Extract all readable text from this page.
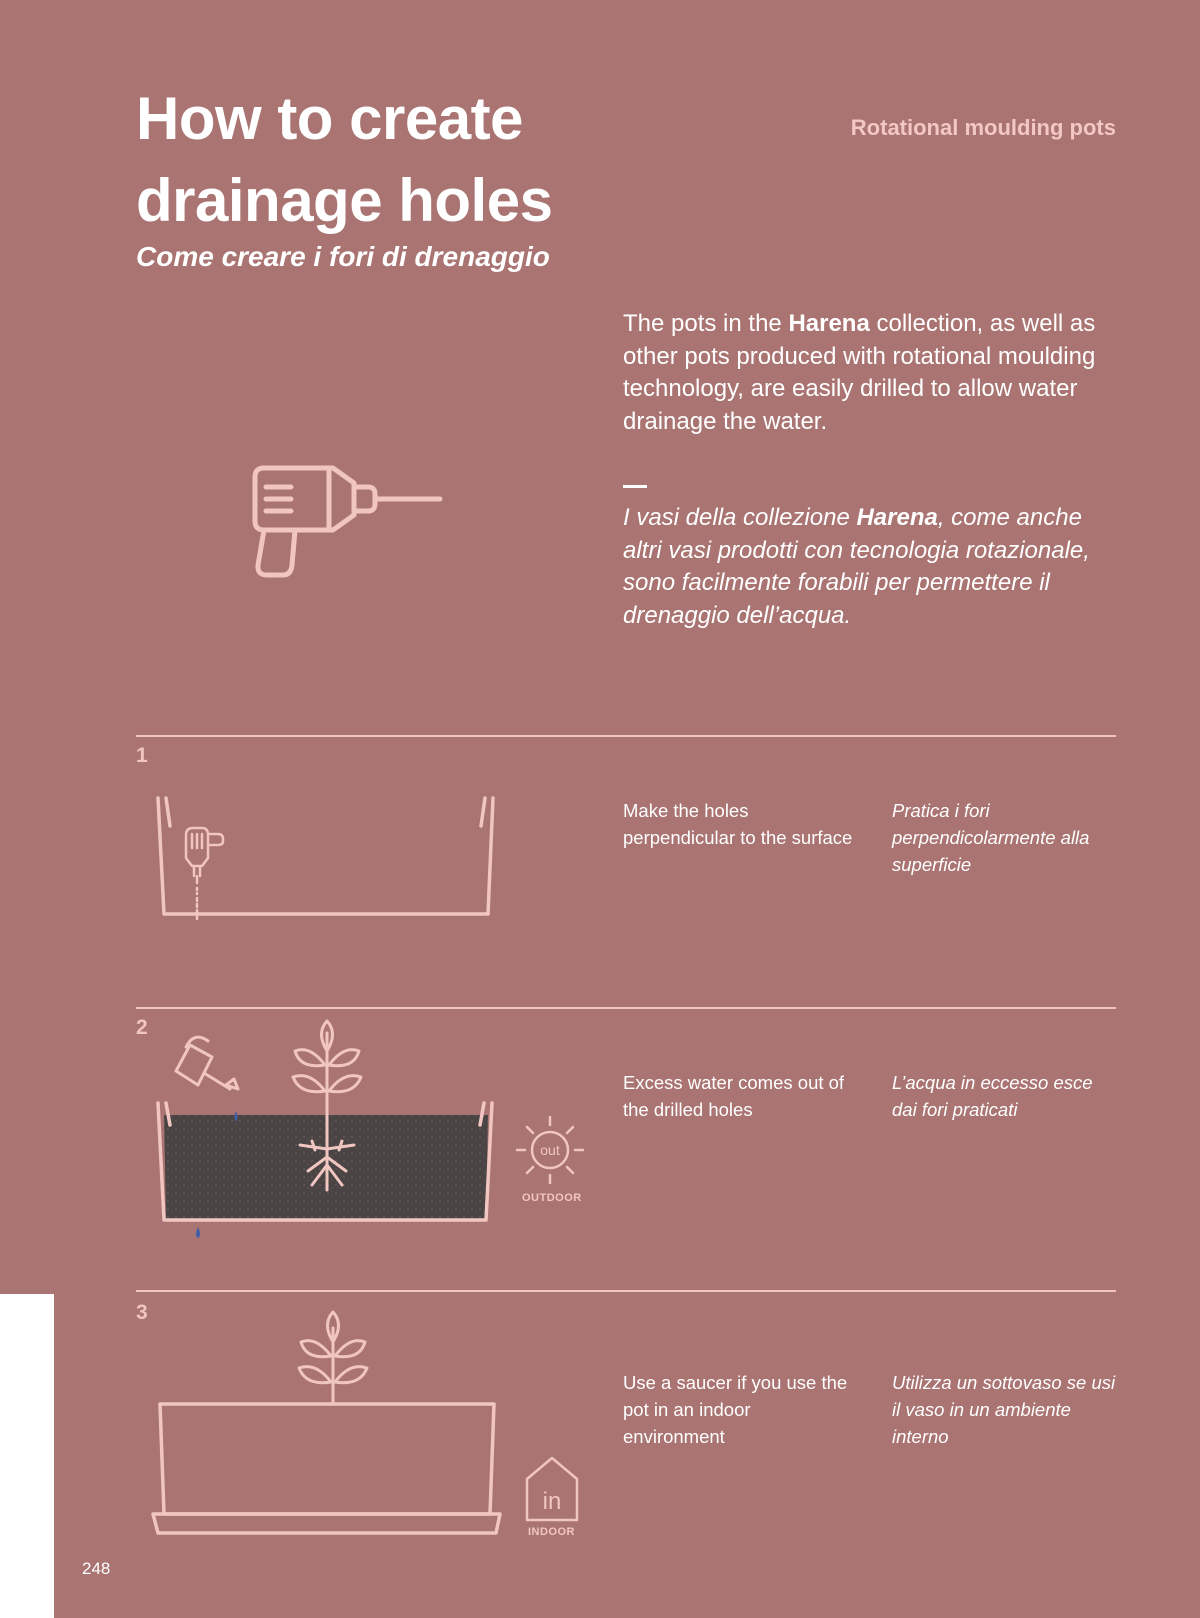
How to create
drainage holes
Come creare i fori di drenaggio
Rotational moulding pots

The pots in the Harena collection, as well as other pots produced with rotational moulding technology, are easily drilled to allow water drainage the water.

I vasi della collezione Harena, come anche altri vasi prodotti con tecnologia rotazionale, sono facilmente forabili per permettere il drenaggio dell’acqua.

1

Make the holes perpendicular to the surface

Pratica i fori perpendicolarmente alla superficie

2
out
OUTDOOR

Excess water comes out of the drilled holes

L’acqua in eccesso esce dai fori praticati

3
in
INDOOR

Use a saucer if you use the pot in an indoor environment

Utilizza un sottovaso se usi il vaso in un ambiente interno

248
